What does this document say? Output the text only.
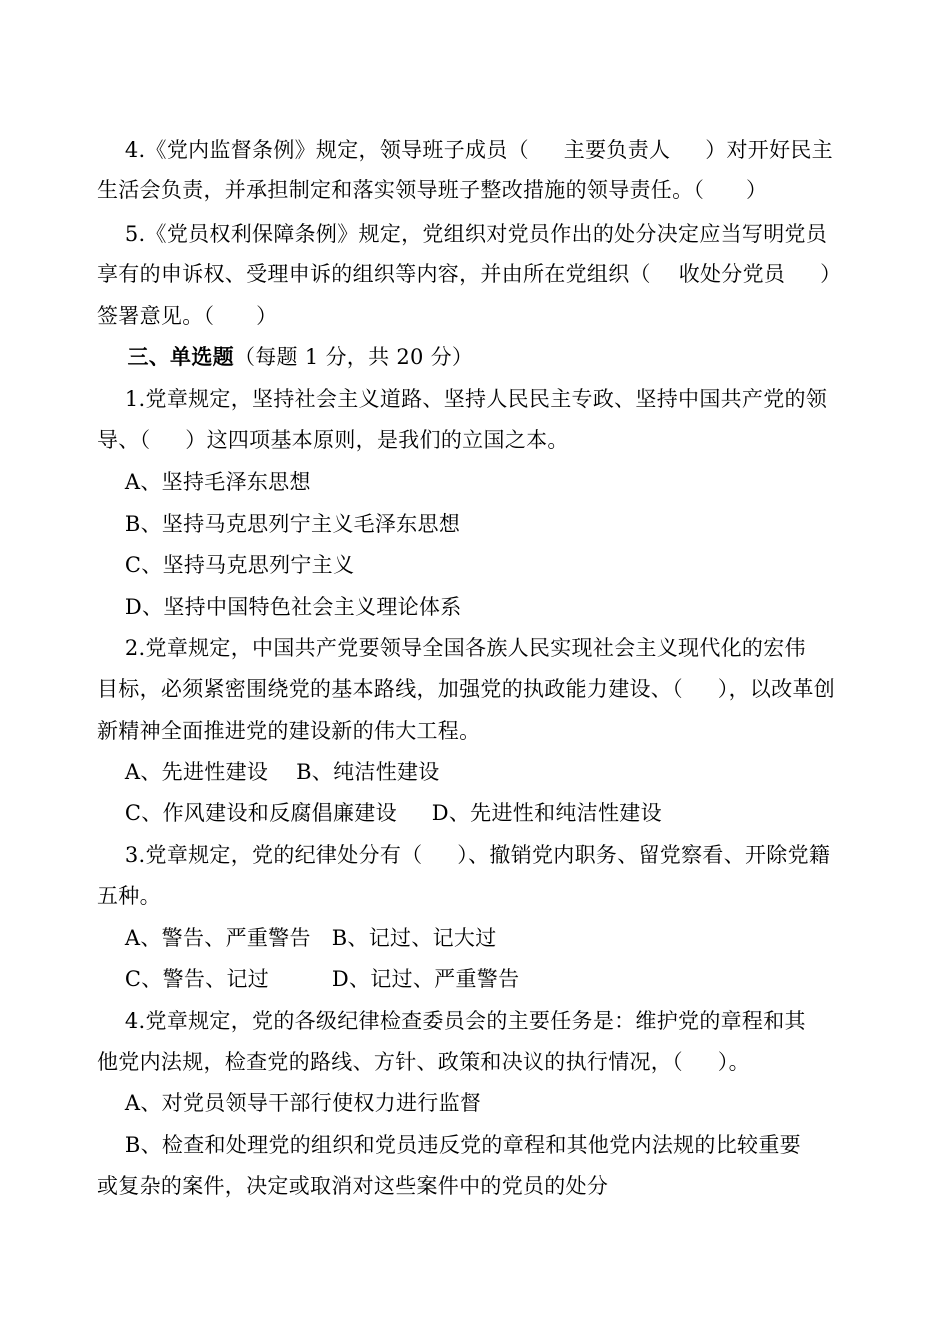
4.《党内监督条例》规定，领导班子成员（     主要负责人     ）对开好民主
生活会负责，并承担制定和落实领导班子整改措施的领导责任。（      ）
5.《党员权利保障条例》规定，党组织对党员作出的处分决定应当写明党员
享有的申诉权、受理申诉的组织等内容，并由所在党组织（    收处分党员     ）
签署意见。（      ）
三、单选题（每题 1 分，共 20 分）
1.党章规定，坚持社会主义道路、坚持人民民主专政、坚持中国共产党的领
导、（     ）这四项基本原则，是我们的立国之本。
A、坚持毛泽东思想
B、坚持马克思列宁主义毛泽东思想
C、坚持马克思列宁主义
D、坚持中国特色社会主义理论体系
2.党章规定，中国共产党要领导全国各族人民实现社会主义现代化的宏伟
目标，必须紧密围绕党的基本路线，加强党的执政能力建设、（     ），以改革创
新精神全面推进党的建设新的伟大工程。
A、先进性建设    B、纯洁性建设
C、作风建设和反腐倡廉建设     D、先进性和纯洁性建设
3.党章规定，党的纪律处分有（     ）、撤销党内职务、留党察看、开除党籍
五种。
A、警告、严重警告   B、记过、记大过
C、警告、记过         D、记过、严重警告
4.党章规定，党的各级纪律检查委员会的主要任务是：维护党的章程和其
他党内法规，检查党的路线、方针、政策和决议的执行情况，（     ）。
A、对党员领导干部行使权力进行监督
B、检查和处理党的组织和党员违反党的章程和其他党内法规的比较重要
或复杂的案件，决定或取消对这些案件中的党员的处分
